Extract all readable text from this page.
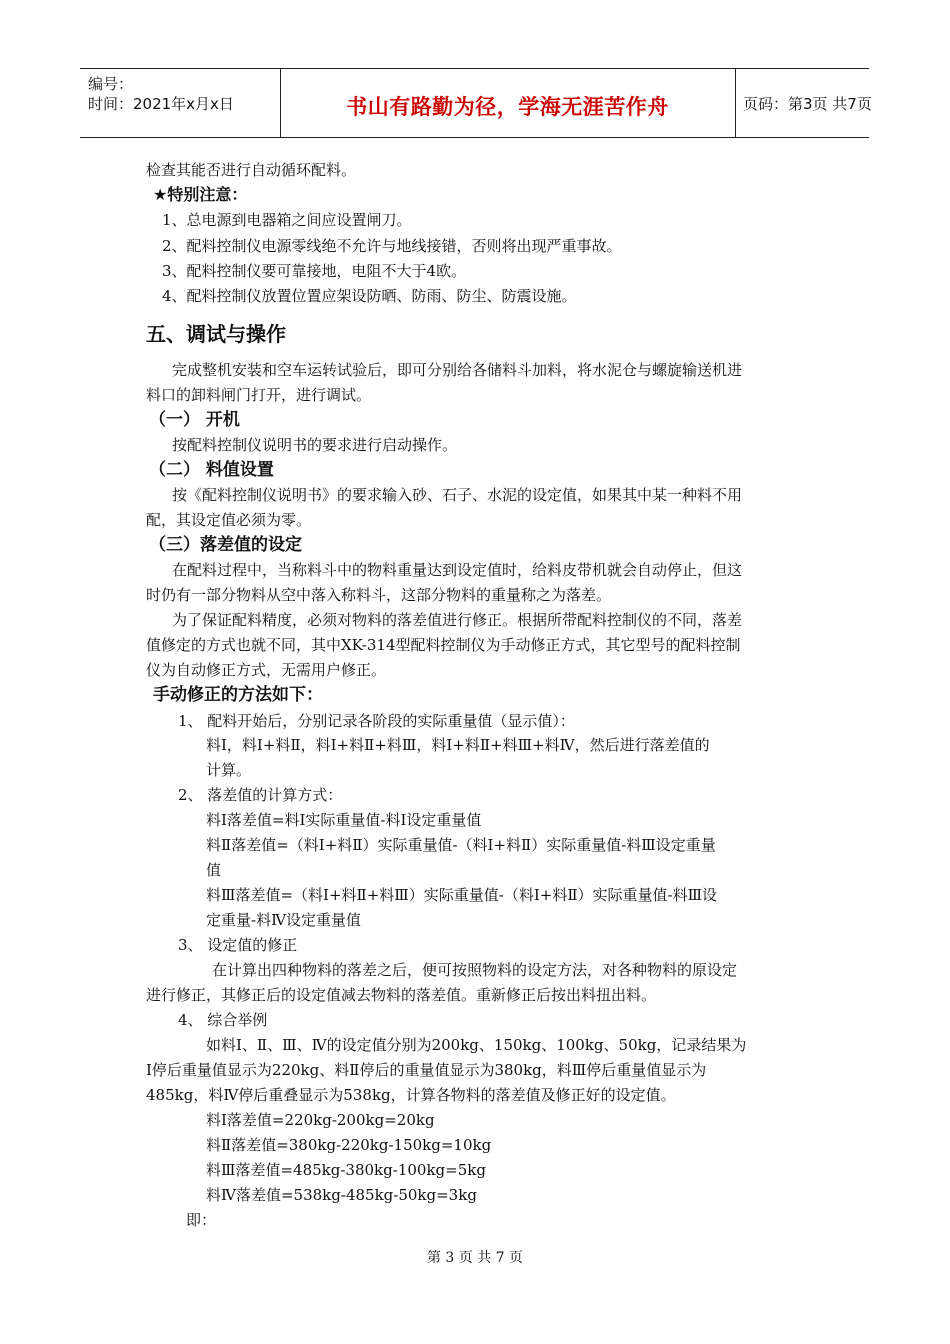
编号：
时间：2021年x月x日	书山有路勤为径，学海无涯苦作舟	页码：第3页 共7页
检查其能否进行自动循环配料。
★特别注意：
1、总电源到电器箱之间应设置闸刀。
2、配料控制仪电源零线绝不允许与地线接错，否则将出现严重事故。
3、配料控制仪要可靠接地，电阻不大于4欧。
4、配料控制仪放置位置应架设防晒、防雨、防尘、防震设施。
五、调试与操作
完成整机安装和空车运转试验后，即可分别给各储料斗加料，将水泥仓与螺旋输送机进
料口的卸料闸门打开，进行调试。
（一） 开机
按配料控制仪说明书的要求进行启动操作。
（二） 料值设置
按《配料控制仪说明书》的要求输入砂、石子、水泥的设定值，如果其中某一种料不用
配，其设定值必须为零。
（三）落差值的设定
在配料过程中，当称料斗中的物料重量达到设定值时，给料皮带机就会自动停止，但这
时仍有一部分物料从空中落入称料斗，这部分物料的重量称之为落差。
为了保证配料精度，必须对物料的落差值进行修正。根据所带配料控制仪的不同，落差
值修定的方式也就不同，其中XK-314型配料控制仪为手动修正方式，其它型号的配料控制
仪为自动修正方式，无需用户修正。
手动修正的方法如下：
1、 配料开始后，分别记录各阶段的实际重量值（显示值）：
料Ⅰ，料Ⅰ+料Ⅱ，料Ⅰ+料Ⅱ+料Ⅲ，料Ⅰ+料Ⅱ+料Ⅲ+料Ⅳ，然后进行落差值的
计算。
2、 落差值的计算方式：
料Ⅰ落差值=料Ⅰ实际重量值-料Ⅰ设定重量值
料Ⅱ落差值=（料Ⅰ+料Ⅱ）实际重量值-（料Ⅰ+料Ⅱ）实际重量值-料Ⅲ设定重量
值
料Ⅲ落差值=（料Ⅰ+料Ⅱ+料Ⅲ）实际重量值-（料Ⅰ+料Ⅱ）实际重量值-料Ⅲ设
定重量-料Ⅳ设定重量值
3、 设定值的修正
在计算出四种物料的落差之后，便可按照物料的设定方法，对各种物料的原设定
进行修正，其修正后的设定值减去物料的落差值。重新修正后按出料扭出料。
4、 综合举例
如料Ⅰ、Ⅱ、Ⅲ、Ⅳ的设定值分别为200kg、150kg、100kg、50kg，记录结果为
Ⅰ停后重量值显示为220kg、料Ⅱ停后的重量值显示为380kg，料Ⅲ停后重量值显示为
485kg，料Ⅳ停后重叠显示为538kg，计算各物料的落差值及修正好的设定值。
料Ⅰ落差值=220kg-200kg=20kg
料Ⅱ落差值=380kg-220kg-150kg=10kg
料Ⅲ落差值=485kg-380kg-100kg=5kg
料Ⅳ落差值=538kg-485kg-50kg=3kg
即：
第 3 页 共 7 页
